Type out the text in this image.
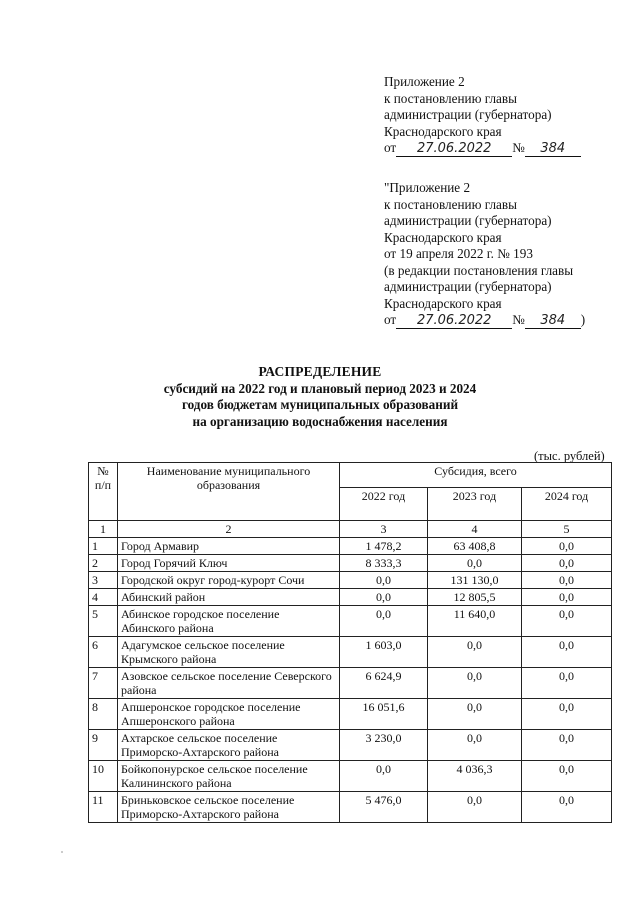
Приложение 2
к постановлению главы
администрации (губернатора)
Краснодарского края
от 27.06.2022 № 384
"Приложение 2
к постановлению главы
администрации (губернатора)
Краснодарского края
от 19 апреля 2022 г. № 193
(в редакции постановления главы
администрации (губернатора)
Краснодарского края
от 27.06.2022 № 384 )
РАСПРЕДЕЛЕНИЕ
субсидий на 2022 год и плановый период 2023 и 2024
годов бюджетам муниципальных образований
на организацию водоснабжения населения
(тыс. рублей)
№ п/п	Наименование муниципального образования	Субсидия, всего		
		2022 год	2023 год	2024 год
1	2	3	4	5
1	Город Армавир	1 478,2	63 408,8	0,0
2	Город Горячий Ключ	8 333,3	0,0	0,0
3	Городской округ город-курорт Сочи	0,0	131 130,0	0,0
4	Абинский район	0,0	12 805,5	0,0
5	Абинское городское поселение Абинского района	0,0	11 640,0	0,0
6	Адагумское сельское поселение Крымского района	1 603,0	0,0	0,0
7	Азовское сельское поселение Северского района	6 624,9	0,0	0,0
8	Апшеронское городское поселение Апшеронского района	16 051,6	0,0	0,0
9	Ахтарское сельское поселение Приморско-Ахтарского района	3 230,0	0,0	0,0
10	Бойкопонурское сельское поселение Калининского района	0,0	4 036,3	0,0
11	Бриньковское сельское поселение Приморско-Ахтарского района	5 476,0	0,0	0,0
